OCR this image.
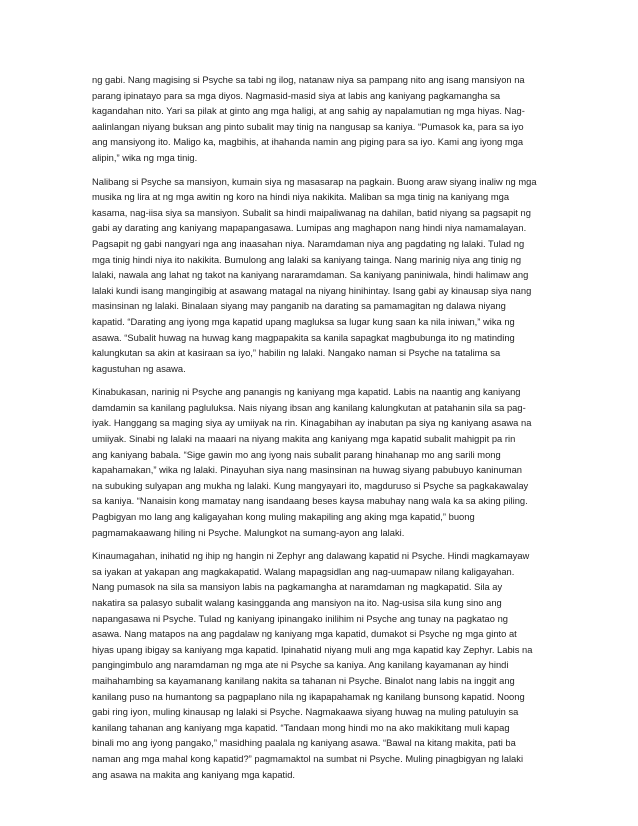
ng gabi. Nang magising si Psyche sa tabi ng ilog, natanaw niya sa pampang nito ang isang mansiyon na
parang ipinatayo para sa mga diyos. Nagmasid-masid siya at labis ang kaniyang pagkamangha sa
kagandahan nito. Yari sa pilak at ginto ang mga haligi, at ang sahig ay napalamutian ng mga hiyas. Nag-
aalinlangan niyang buksan ang pinto subalit may tinig na nangusap sa kaniya. “Pumasok ka, para sa iyo
ang mansiyong ito. Maligo ka, magbihis, at ihahanda namin ang piging para sa iyo. Kami ang iyong mga
alipin,” wika ng mga tinig.
Nalibang si Psyche sa mansiyon, kumain siya ng masasarap na pagkain. Buong araw siyang inaliw ng mga
musika ng lira at ng mga awitin ng koro na hindi niya nakikita. Maliban sa mga tinig na kaniyang mga
kasama, nag-iisa siya sa mansiyon. Subalit sa hindi maipaliwanag na dahilan, batid niyang sa pagsapit ng
gabi ay darating ang kaniyang mapapangasawa. Lumipas ang maghapon nang hindi niya namamalayan.
Pagsapit ng gabi nangyari nga ang inaasahan niya. Naramdaman niya ang pagdating ng lalaki. Tulad ng
mga tinig hindi niya ito nakikita. Bumulong ang lalaki sa kaniyang tainga. Nang marinig niya ang tinig ng
lalaki, nawala ang lahat ng takot na kaniyang nararamdaman. Sa kaniyang paniniwala, hindi halimaw ang
lalaki kundi isang mangingibig at asawang matagal na niyang hinihintay. Isang gabi ay kinausap siya nang
masinsinan ng lalaki. Binalaan siyang may panganib na darating sa pamamagitan ng dalawa niyang
kapatid. “Darating ang iyong mga kapatid upang magluksa sa lugar kung saan ka nila iniwan,” wika ng
asawa. “Subalit huwag na huwag kang magpapakita sa kanila sapagkat magbubunga ito ng matinding
kalungkutan sa akin at kasiraan sa iyo,” habilin ng lalaki. Nangako naman si Psyche na tatalima sa
kagustuhan ng asawa.
Kinabukasan, narinig ni Psyche ang panangis ng kaniyang mga kapatid. Labis na naantig ang kaniyang
damdamin sa kanilang pagluluksa. Nais niyang ibsan ang kanilang kalungkutan at patahanin sila sa pag-
iyak. Hanggang sa maging siya ay umiiyak na rin. Kinagabihan ay inabutan pa siya ng kaniyang asawa na
umiiyak. Sinabi ng lalaki na maaari na niyang makita ang kaniyang mga kapatid subalit mahigpit pa rin
ang kaniyang babala. “Sige gawin mo ang iyong nais subalit parang hinahanap mo ang sarili mong
kapahamakan,” wika ng lalaki. Pinayuhan siya nang masinsinan na huwag siyang pabubuyo kaninuman
na subuking sulyapan ang mukha ng lalaki. Kung mangyayari ito, magduruso si Psyche sa pagkakawalay
sa kaniya. “Nanaisin kong mamatay nang isandaang beses kaysa mabuhay nang wala ka sa aking piling.
Pagbigyan mo lang ang kaligayahan kong muling makapiling ang aking mga kapatid,” buong
pagmamakaawang hiling ni Psyche. Malungkot na sumang-ayon ang lalaki.
Kinaumagahan, inihatid ng ihip ng hangin ni Zephyr ang dalawang kapatid ni Psyche. Hindi magkamayaw
sa iyakan at yakapan ang magkakapatid. Walang mapagsidlan ang nag-uumapaw nilang kaligayahan.
Nang pumasok na sila sa mansiyon labis na pagkamangha at naramdaman ng magkapatid. Sila ay
nakatira sa palasyo subalit walang kasingganda ang mansiyon na ito. Nag-usisa sila kung sino ang
napangasawa ni Psyche. Tulad ng kaniyang ipinangako inilihim ni Psyche ang tunay na pagkatao ng
asawa. Nang matapos na ang pagdalaw ng kaniyang mga kapatid, dumakot si Psyche ng mga ginto at
hiyas upang ibigay sa kaniyang mga kapatid. Ipinahatid niyang muli ang mga kapatid kay Zephyr. Labis na
pangingimbulo ang naramdaman ng mga ate ni Psyche sa kaniya. Ang kanilang kayamanan ay hindi
maihahambing sa kayamanang kanilang nakita sa tahanan ni Psyche. Binalot nang labis na inggit ang
kanilang puso na humantong sa pagpaplano nila ng ikapapahamak ng kanilang bunsong kapatid. Noong
gabi ring iyon, muling kinausap ng lalaki si Psyche. Nagmakaawa siyang huwag na muling patuluyin sa
kanilang tahanan ang kaniyang mga kapatid. “Tandaan mong hindi mo na ako makikitang muli kapag
binali mo ang iyong pangako,” masidhing paalala ng kaniyang asawa. “Bawal na kitang makita, pati ba
naman ang mga mahal kong kapatid?” pagmamaktol na sumbat ni Psyche. Muling pinagbigyan ng lalaki
ang asawa na makita ang kaniyang mga kapatid.
